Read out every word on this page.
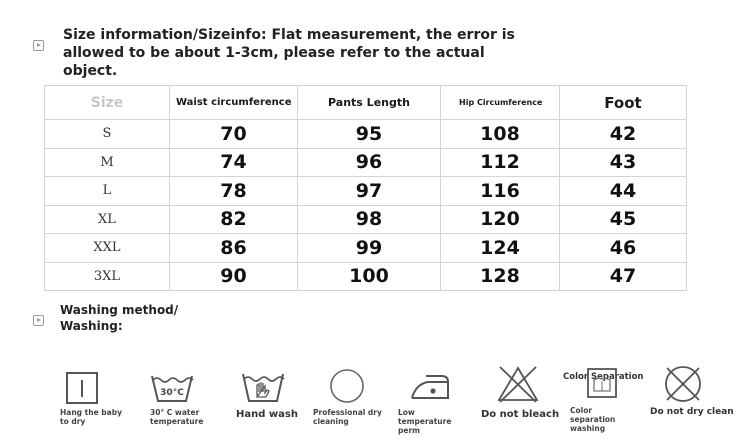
Size information/Sizeinfo: Flat measurement, the error is allowed to be about 1-3cm, please refer to the actual object.
Size	Waist circumference	Pants Length	Hip Circumference	Foot
S	70	95	108	42
M	74	96	112	43
L	78	97	116	44
XL	82	98	120	45
XXL	86	99	124	46
3XL	90	100	128	47
Washing method/ Washing:
Hang the baby to dry
30°C
30° C water temperature
Hand wash	Professional dry cleaning
Low temperature perm
Do not bleach
Color Separation
Color separation washing
Do not dry clean
